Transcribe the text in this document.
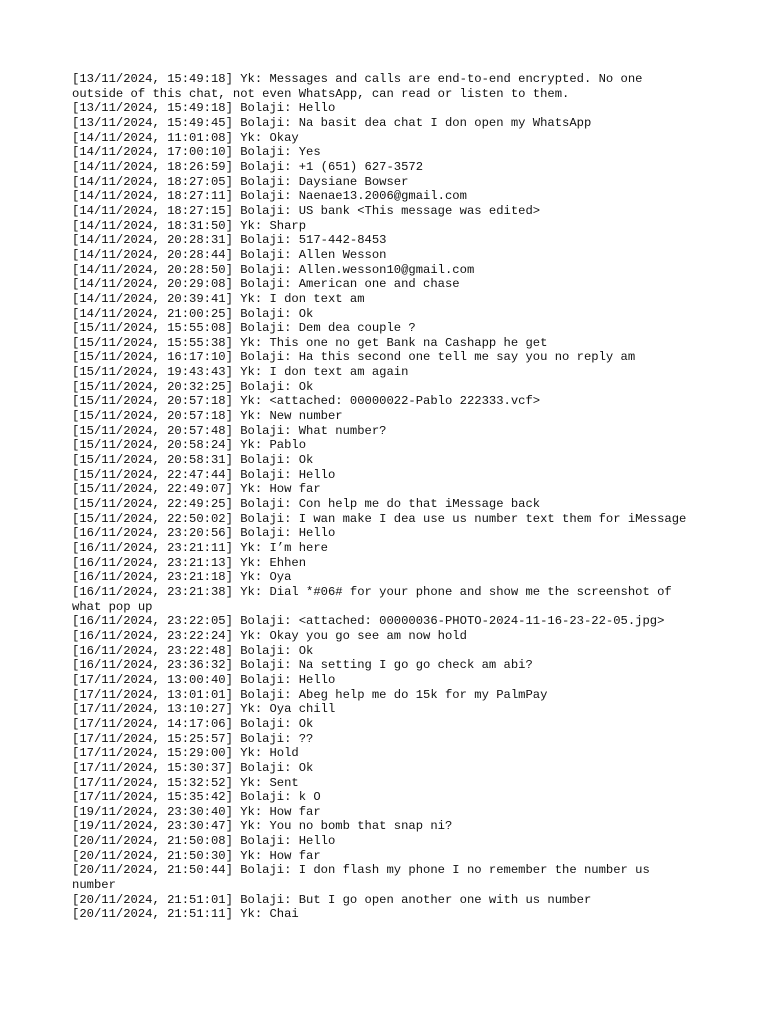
[13/11/2024, 15:49:18] Yk: Messages and calls are end-to-end encrypted. No one outside of this chat, not even WhatsApp, can read or listen to them.
[13/11/2024, 15:49:18] Bolaji: Hello
[13/11/2024, 15:49:45] Bolaji: Na basit dea chat I don open my WhatsApp
[14/11/2024, 11:01:08] Yk: Okay
[14/11/2024, 17:00:10] Bolaji: Yes
[14/11/2024, 18:26:59] Bolaji: +1 (651) 627-3572
[14/11/2024, 18:27:05] Bolaji: Daysiane Bowser
[14/11/2024, 18:27:11] Bolaji: Naenae13.2006@gmail.com
[14/11/2024, 18:27:15] Bolaji: US bank <This message was edited>
[14/11/2024, 18:31:50] Yk: Sharp
[14/11/2024, 20:28:31] Bolaji: 517-442-8453
[14/11/2024, 20:28:44] Bolaji: Allen Wesson
[14/11/2024, 20:28:50] Bolaji: Allen.wesson10@gmail.com
[14/11/2024, 20:29:08] Bolaji: American one and chase
[14/11/2024, 20:39:41] Yk: I don text am
[14/11/2024, 21:00:25] Bolaji: Ok
[15/11/2024, 15:55:08] Bolaji: Dem dea couple ?
[15/11/2024, 15:55:38] Yk: This one no get Bank na Cashapp he get
[15/11/2024, 16:17:10] Bolaji: Ha this second one tell me say you no reply am
[15/11/2024, 19:43:43] Yk: I don text am again
[15/11/2024, 20:32:25] Bolaji: Ok
[15/11/2024, 20:57:18] Yk: <attached: 00000022-Pablo 222333.vcf>
[15/11/2024, 20:57:18] Yk: New number
[15/11/2024, 20:57:48] Bolaji: What number?
[15/11/2024, 20:58:24] Yk: Pablo
[15/11/2024, 20:58:31] Bolaji: Ok
[15/11/2024, 22:47:44] Bolaji: Hello
[15/11/2024, 22:49:07] Yk: How far
[15/11/2024, 22:49:25] Bolaji: Con help me do that iMessage back
[15/11/2024, 22:50:02] Bolaji: I wan make I dea use us number text them for iMessage
[16/11/2024, 23:20:56] Bolaji: Hello
[16/11/2024, 23:21:11] Yk: I’m here
[16/11/2024, 23:21:13] Yk: Ehhen
[16/11/2024, 23:21:18] Yk: Oya
[16/11/2024, 23:21:38] Yk: Dial *#06# for your phone and show me the screenshot of what pop up
[16/11/2024, 23:22:05] Bolaji: <attached: 00000036-PHOTO-2024-11-16-23-22-05.jpg>
[16/11/2024, 23:22:24] Yk: Okay you go see am now hold
[16/11/2024, 23:22:48] Bolaji: Ok
[16/11/2024, 23:36:32] Bolaji: Na setting I go go check am abi?
[17/11/2024, 13:00:40] Bolaji: Hello
[17/11/2024, 13:01:01] Bolaji: Abeg help me do 15k for my PalmPay
[17/11/2024, 13:10:27] Yk: Oya chill
[17/11/2024, 14:17:06] Bolaji: Ok
[17/11/2024, 15:25:57] Bolaji: ??
[17/11/2024, 15:29:00] Yk: Hold
[17/11/2024, 15:30:37] Bolaji: Ok
[17/11/2024, 15:32:52] Yk: Sent
[17/11/2024, 15:35:42] Bolaji: k O
[19/11/2024, 23:30:40] Yk: How far
[19/11/2024, 23:30:47] Yk: You no bomb that snap ni?
[20/11/2024, 21:50:08] Bolaji: Hello
[20/11/2024, 21:50:30] Yk: How far
[20/11/2024, 21:50:44] Bolaji: I don flash my phone I no remember the number us number
[20/11/2024, 21:51:01] Bolaji: But I go open another one with us number
[20/11/2024, 21:51:11] Yk: Chai
